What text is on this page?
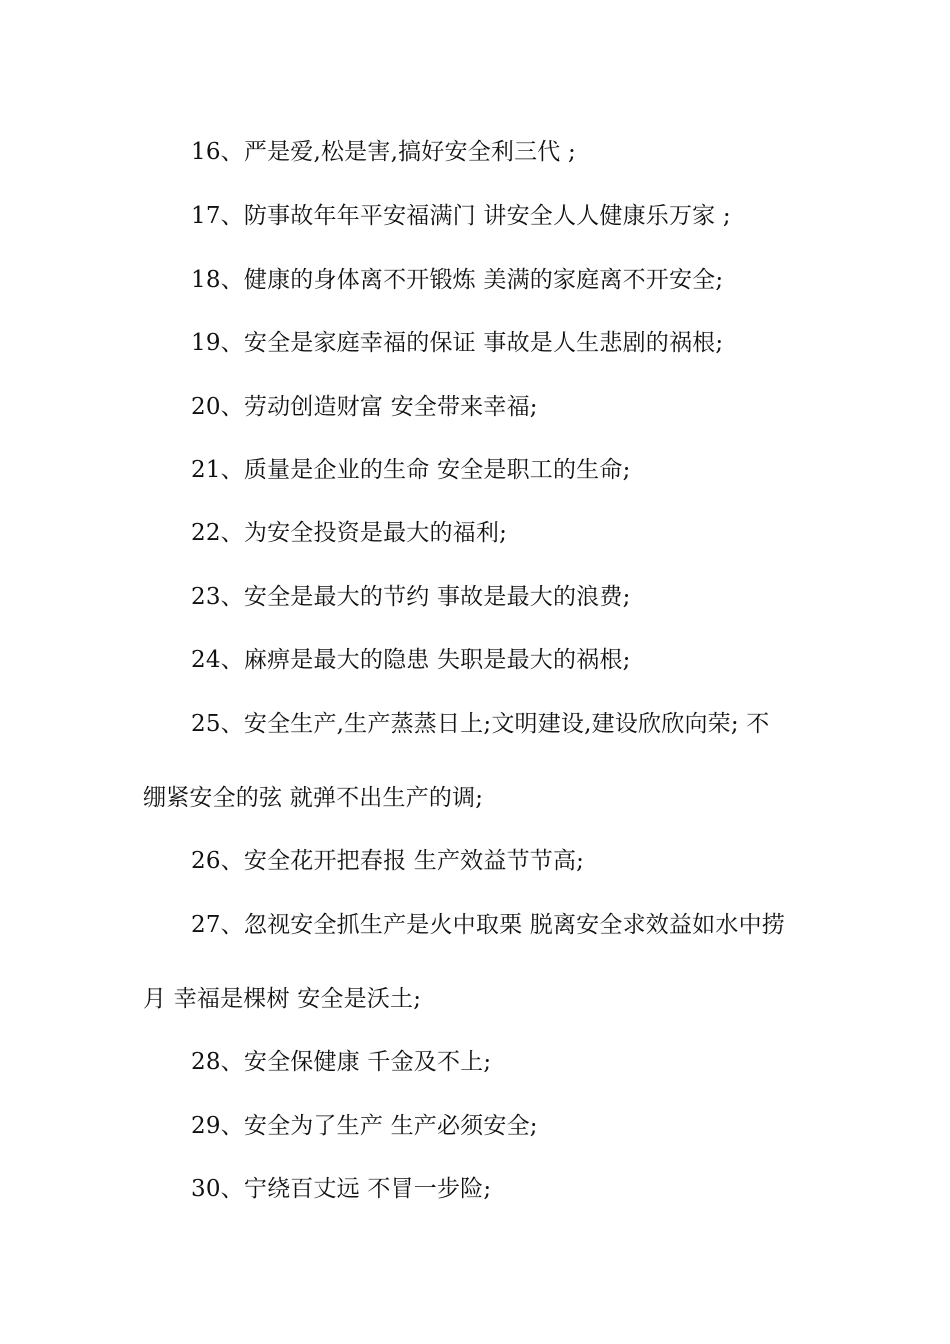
16、严是爱,松是害,搞好安全利三代 ;
17、防事故年年平安福满门 讲安全人人健康乐万家 ;
18、健康的身体离不开锻炼 美满的家庭离不开安全;
19、安全是家庭幸福的保证 事故是人生悲剧的祸根;
20、劳动创造财富 安全带来幸福;
21、质量是企业的生命 安全是职工的生命;
22、为安全投资是最大的福利;
23、安全是最大的节约 事故是最大的浪费;
24、麻痹是最大的隐患 失职是最大的祸根;
25、安全生产,生产蒸蒸日上;文明建设,建设欣欣向荣; 不
绷紧安全的弦 就弹不出生产的调;
26、安全花开把春报 生产效益节节高;
27、忽视安全抓生产是火中取栗 脱离安全求效益如水中捞
月 幸福是棵树 安全是沃土;
28、安全保健康 千金及不上;
29、安全为了生产 生产必须安全;
30、宁绕百丈远 不冒一步险;
